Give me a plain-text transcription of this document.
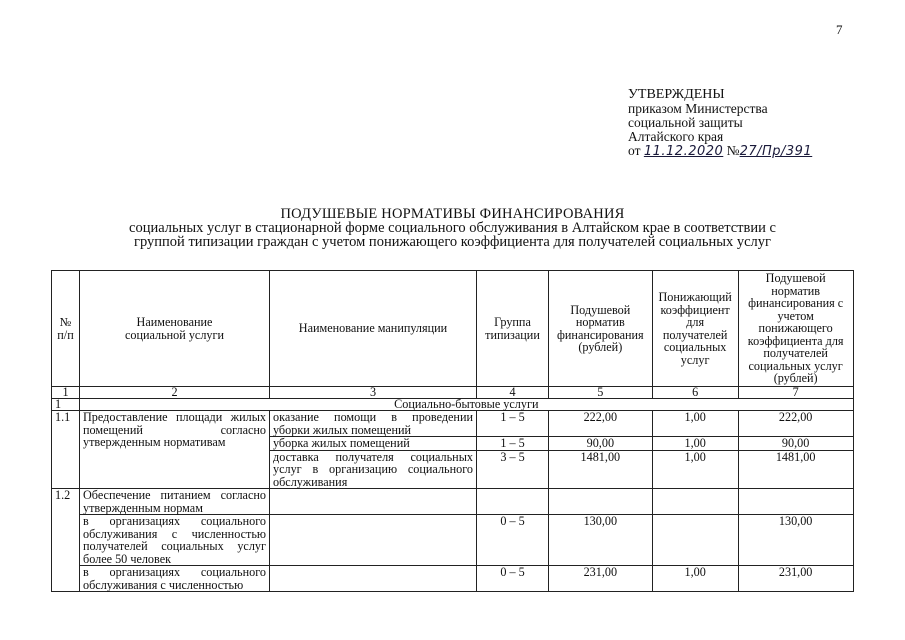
7
УТВЕРЖДЕНЫ
приказом Министерства
социальной защиты
Алтайского края
от 11.12.2020 №27/Пр/391
ПОДУШЕВЫЕ НОРМАТИВЫ ФИНАНСИРОВАНИЯ
социальных услуг в стационарной форме социального обслуживания в Алтайском крае в соответствии с
группой типизации граждан с учетом понижающего коэффициента для получателей социальных услуг
№ п/п	Наименование социальной услуги	Наименование манипуляции	Группа типизации	Подушевой норматив финансирования (рублей)	Понижающий коэффициент для получателей социальных услуг	Подушевой норматив финансирования с учетом понижающего коэффициента для получателей социальных услуг (рублей)
1	2	3	4	5	6	7
1	Социально-бытовые услуги					
1.1	Предоставление площади жилых помещений согласно утвержденным нормативам	оказание помощи в проведении уборки жилых помещений	1 – 5	222,00	1,00	222,00
		уборка жилых помещений	1 – 5	90,00	1,00	90,00
		доставка получателя социальных услуг в организацию социального обслуживания	3 – 5	1481,00	1,00	1481,00
1.2	Обеспечение питанием согласно утвержденным нормам					
	в организациях социального обслуживания с численностью получателей социальных услуг более 50 человек		0 – 5	130,00		130,00
	в организациях социального обслуживания с численностью		0 – 5	231,00	1,00	231,00
